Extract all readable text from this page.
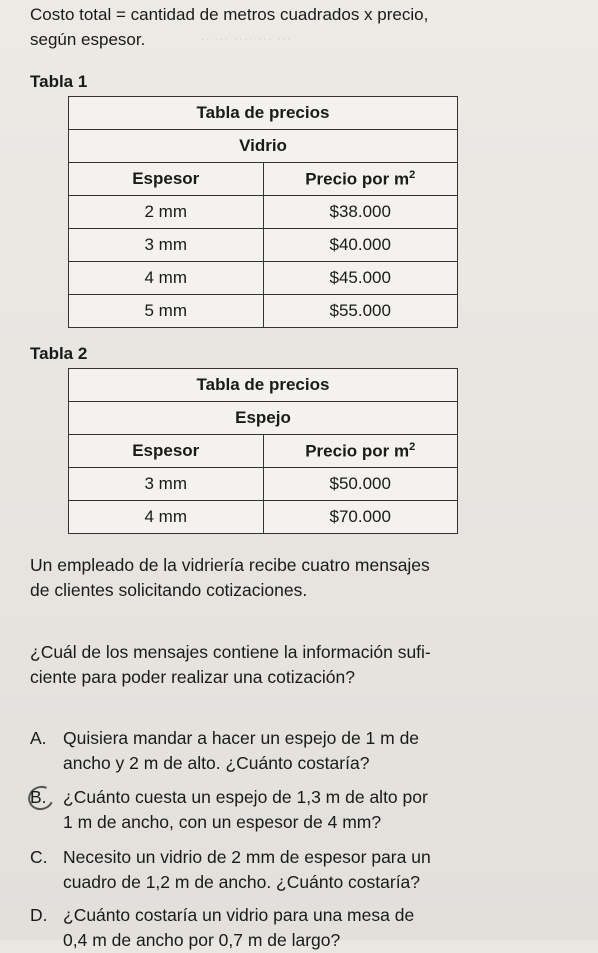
·· ··· ···· ··· ···
Costo total = cantidad de metros cuadrados x precio,
según espesor.
Tabla 1
Tabla de precios	
Vidrio	
Espesor	Precio por $m^2$
2 mm	$38.000
3 mm	$40.000
4 mm	$45.000
5 mm	$55.000
Tabla 2
Tabla de precios	
Espejo	
Espesor	Precio por $m^2$
3 mm	$50.000
4 mm	$70.000
Un empleado de la vidriería recibe cuatro mensajes
de clientes solicitando cotizaciones.
¿Cuál de los mensajes contiene la información sufi-
ciente para poder realizar una cotización?
A. Quisiera mandar a hacer un espejo de 1 m de
ancho y 2 m de alto. ¿Cuánto costaría?
B. ¿Cuánto cuesta un espejo de 1,3 m de alto por
1 m de ancho, con un espesor de 4 mm?
C. Necesito un vidrio de 2 mm de espesor para un
cuadro de 1,2 m de ancho. ¿Cuánto costaría?
D. ¿Cuánto costaría un vidrio para una mesa de
0,4 m de ancho por 0,7 m de largo?
